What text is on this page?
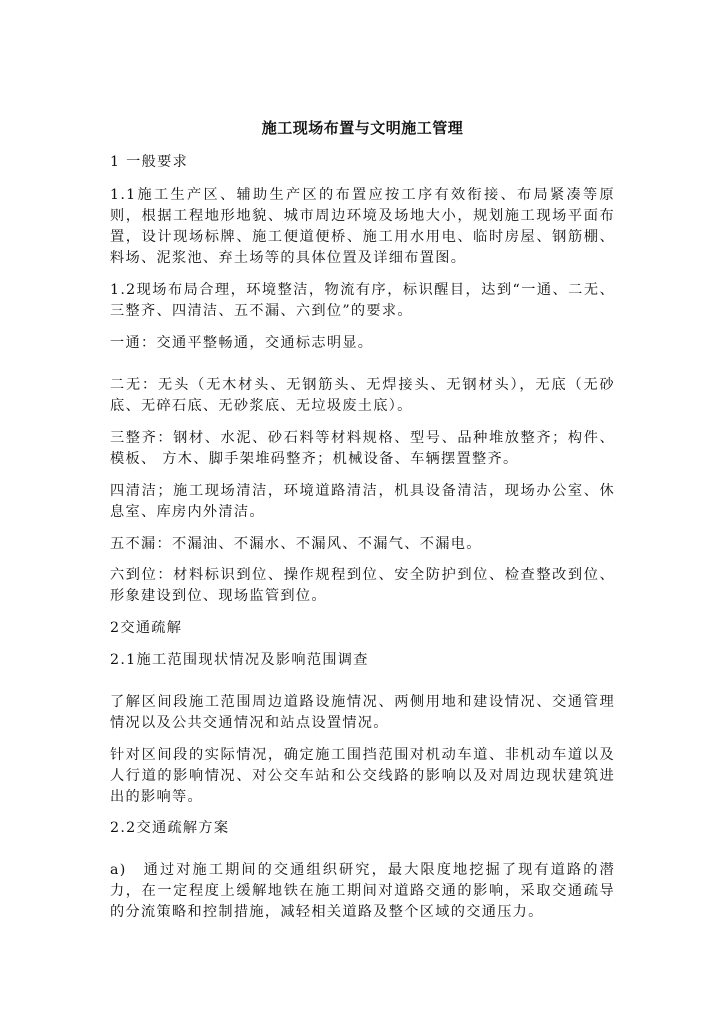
施工现场布置与文明施工管理
1 一般要求
1.1施工生产区、辅助生产区的布置应按工序有效衔接、布局紧凑等原则，根据工程地形地貌、城市周边环境及场地大小，规划施工现场平面布置，设计现场标牌、施工便道便桥、施工用水用电、临时房屋、钢筋棚、料场、泥浆池、弃土场等的具体位置及详细布置图。
1.2现场布局合理，环境整洁，物流有序，标识醒目，达到“一通、二无、三整齐、四清洁、五不漏、六到位”的要求。
一通：交通平整畅通，交通标志明显。
二无：无头（无木材头、无钢筋头、无焊接头、无钢材头），无底（无砂底、无碎石底、无砂浆底、无垃圾废土底）。
三整齐：钢材、水泥、砂石料等材料规格、型号、品种堆放整齐；构件、模板、 方木、脚手架堆码整齐；机械设备、车辆摆置整齐。
四清洁；施工现场清洁，环境道路清洁，机具设备清洁，现场办公室、休息室、库房内外清洁。
五不漏：不漏油、不漏水、不漏风、不漏气、不漏电。
六到位：材料标识到位、操作规程到位、安全防护到位、检查整改到位、形象建设到位、现场监管到位。
2交通疏解
2.1施工范围现状情况及影响范围调查
了解区间段施工范围周边道路设施情况、两侧用地和建设情况、交通管理情况以及公共交通情况和站点设置情况。
针对区间段的实际情况，确定施工围挡范围对机动车道、非机动车道以及人行道的影响情况、对公交车站和公交线路的影响以及对周边现状建筑进出的影响等。
2.2交通疏解方案
a)　通过对施工期间的交通组织研究，最大限度地挖掘了现有道路的潜力，在一定程度上缓解地铁在施工期间对道路交通的影响，采取交通疏导的分流策略和控制措施，减轻相关道路及整个区域的交通压力。
